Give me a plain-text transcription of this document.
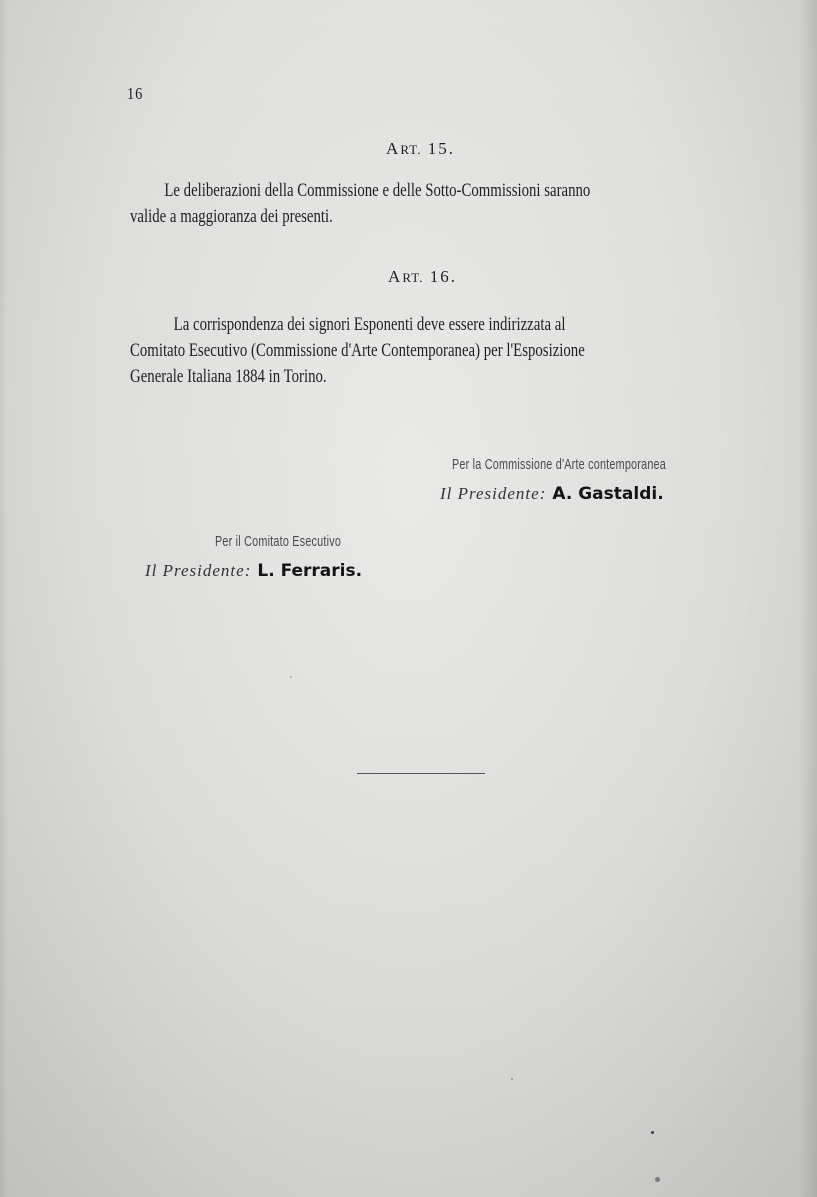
16
ART. 15.
Le deliberazioni della Commissione e delle Sotto-Commissioni saranno
valide a maggioranza dei presenti.
ART. 16.
La corrispondenza dei signori Esponenti deve essere indirizzata al
Comitato Esecutivo (Commissione d'Arte Contemporanea) per l'Esposizione
Generale Italiana 1884 in Torino.
Per la Commissione d'Arte contemporanea
Il Presidente: A. Gastaldi.
Per il Comitato Esecutivo
Il Presidente: L. Ferraris.
